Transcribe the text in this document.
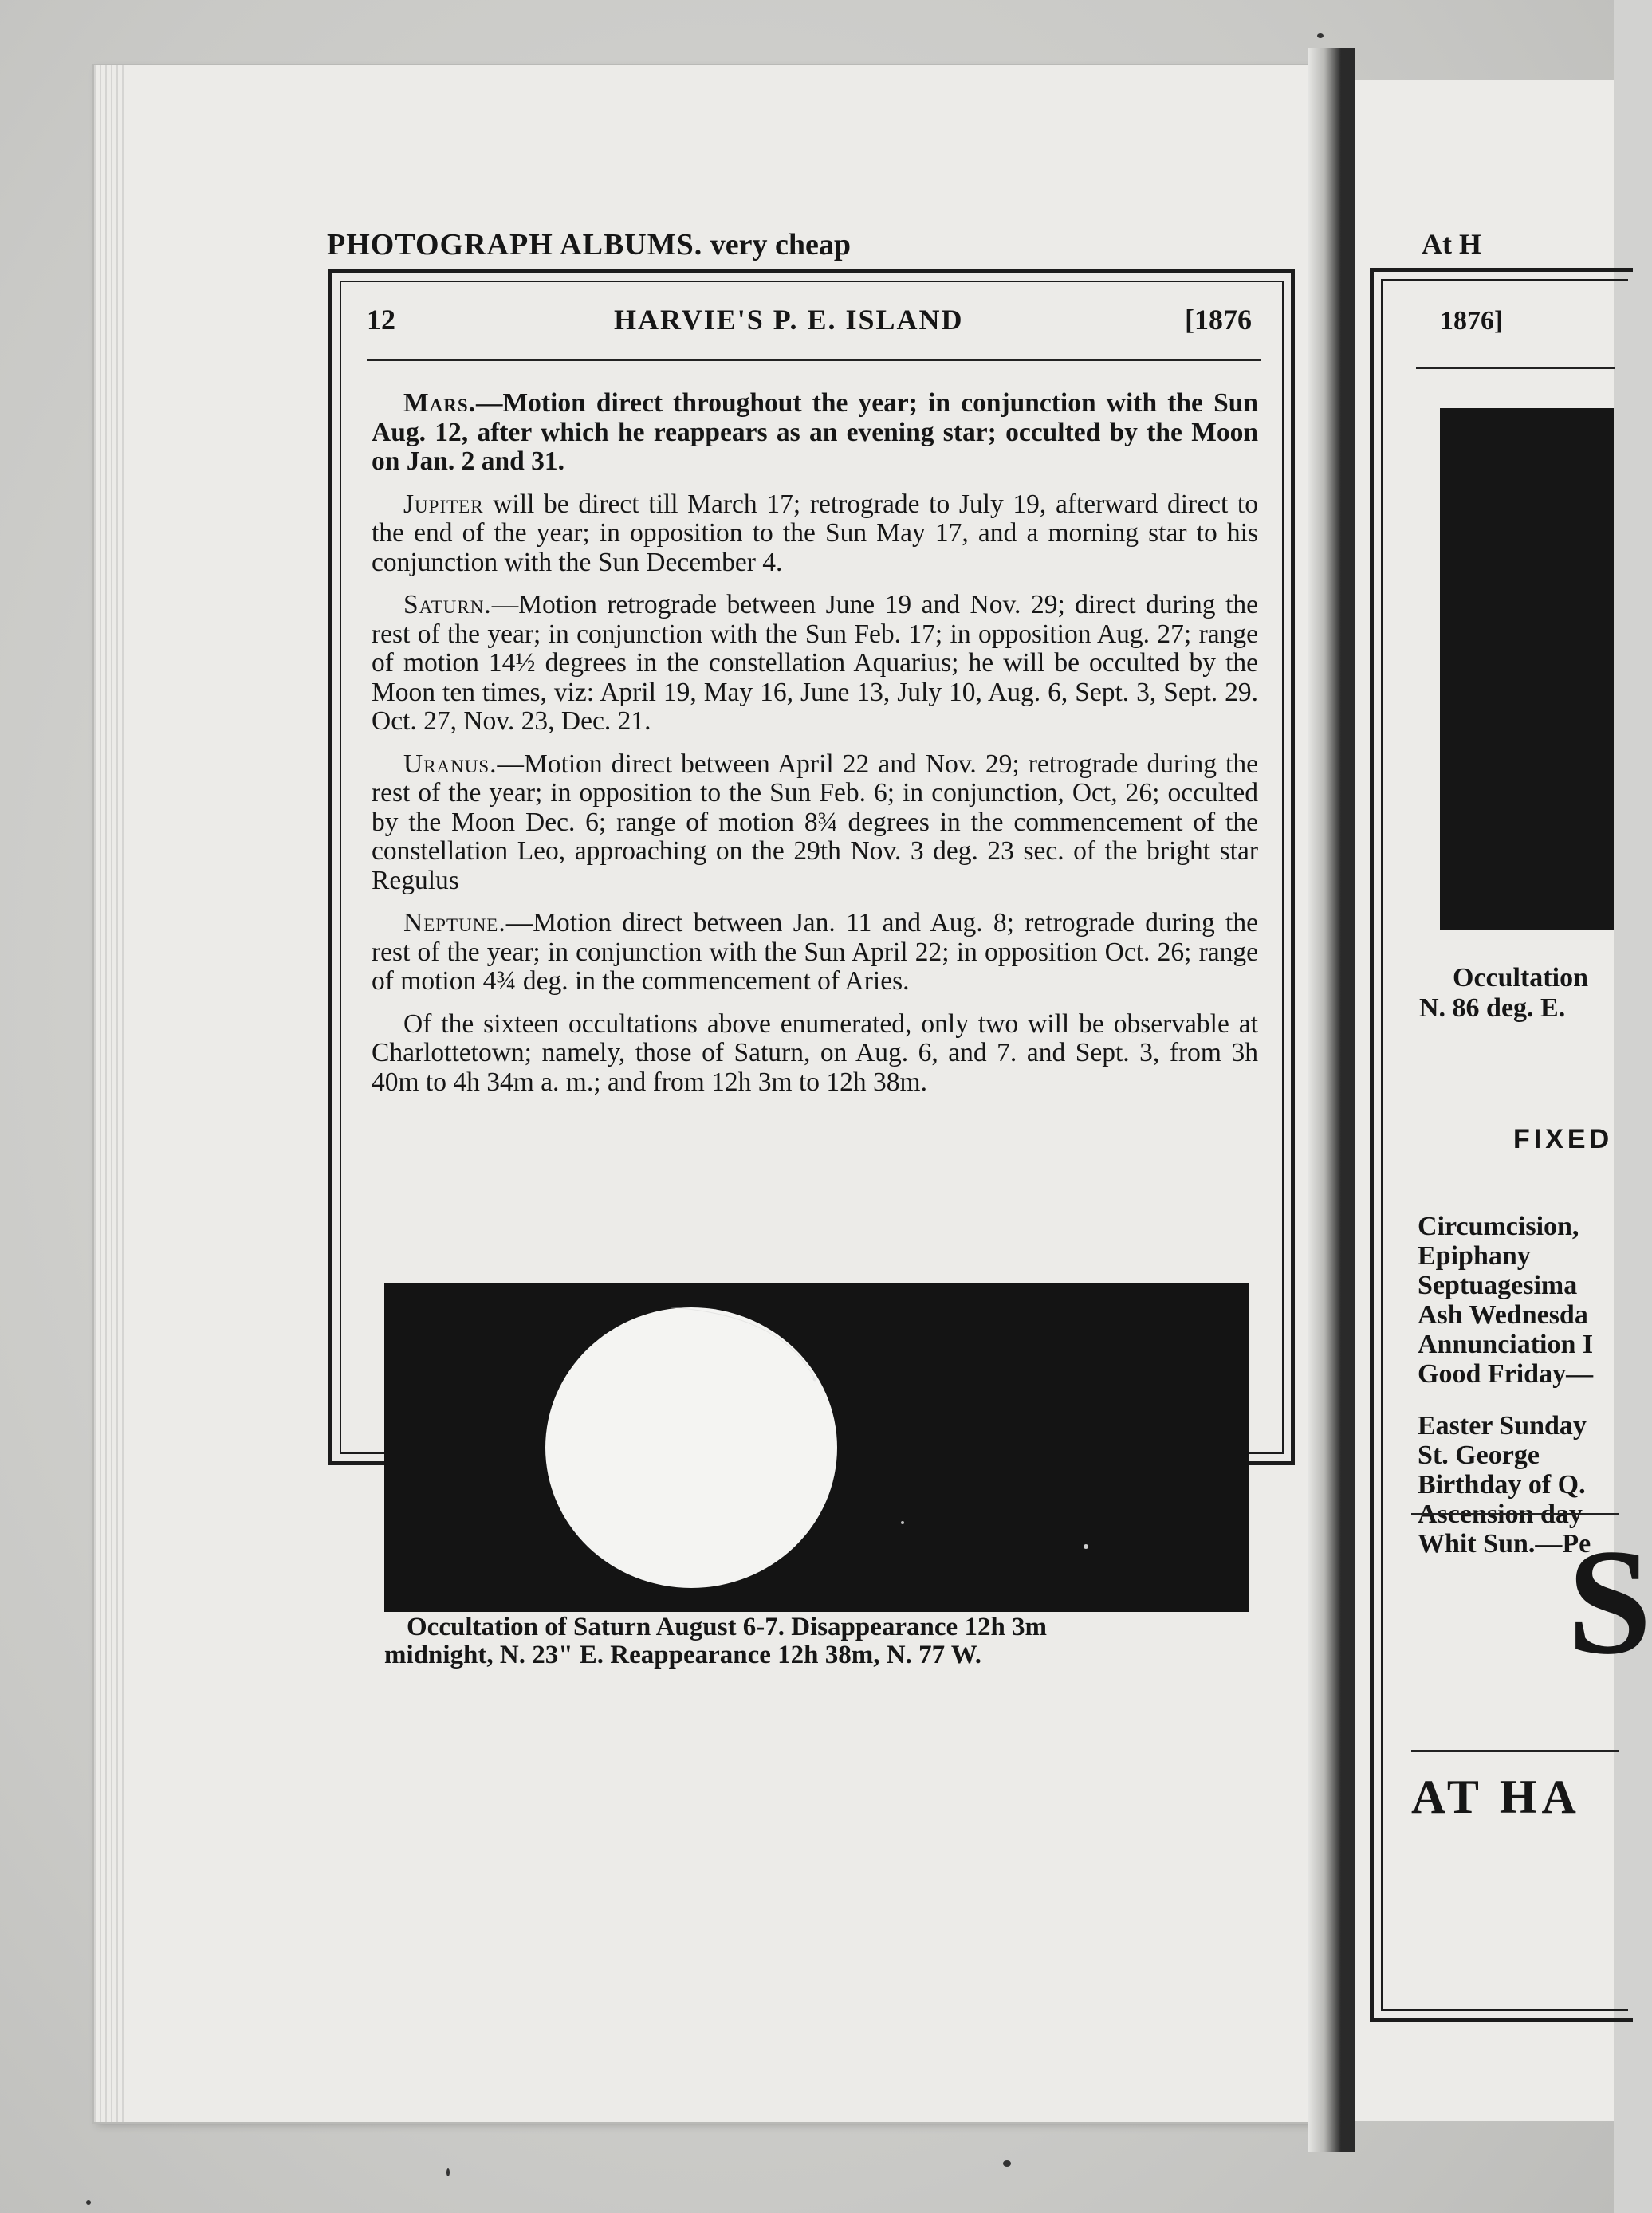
PHOTOGRAPH ALBUMS. very cheap
12	HARVIE'S P. E. ISLAND	[1876

Mars.—Motion direct throughout the year; in conjunction with the Sun Aug. 12, after which he reappears as an evening star; occulted by the Moon on Jan. 2 and 31.

Jupiter will be direct till March 17; retrograde to July 19, afterward direct to the end of the year; in opposition to the Sun May 17, and a morning star to his conjunction with the Sun December 4.

Saturn.—Motion retrograde between June 19 and Nov. 29; direct during the rest of the year; in conjunction with the Sun Feb. 17; in opposition Aug. 27; range of motion 14½ degrees in the constellation Aquarius; he will be occulted by the Moon ten times, viz: April 19, May 16, June 13, July 10, Aug. 6, Sept. 3, Sept. 29. Oct. 27, Nov. 23, Dec. 21.

Uranus.—Motion direct between April 22 and Nov. 29; retrograde during the rest of the year; in opposition to the Sun Feb. 6; in conjunction, Oct, 26; occulted by the Moon Dec. 6; range of motion 8¾ degrees in the commencement of the constellation Leo, approaching on the 29th Nov. 3 deg. 23 sec. of the bright star Regulus

Neptune.—Motion direct between Jan. 11 and Aug. 8; retrograde during the rest of the year; in conjunction with the Sun April 22; in opposition Oct. 26; range of motion 4¾ deg. in the commencement of Aries.

Of the sixteen occultations above enumerated, only two will be observable at Charlottetown; namely, those of Saturn, on Aug. 6, and 7. and Sept. 3, from 3h 40m to 4h 34m a. m.; and from 12h 3m to 12h 38m.

Occultation of Saturn August 6-7. Disappearance 12h 3m
midnight, N. 23" E. Reappearance 12h 38m, N. 77 W.
At H
1876]
Occultation
N. 86 deg. E.
FIXED
Circumcision,
Epiphany
Septuagesima
Ash Wednesda
Annunciation I
Good Friday—
Easter Sunday
St. George
Birthday of Q.
Ascension day
Whit Sun.—Pe
S
AT HA
